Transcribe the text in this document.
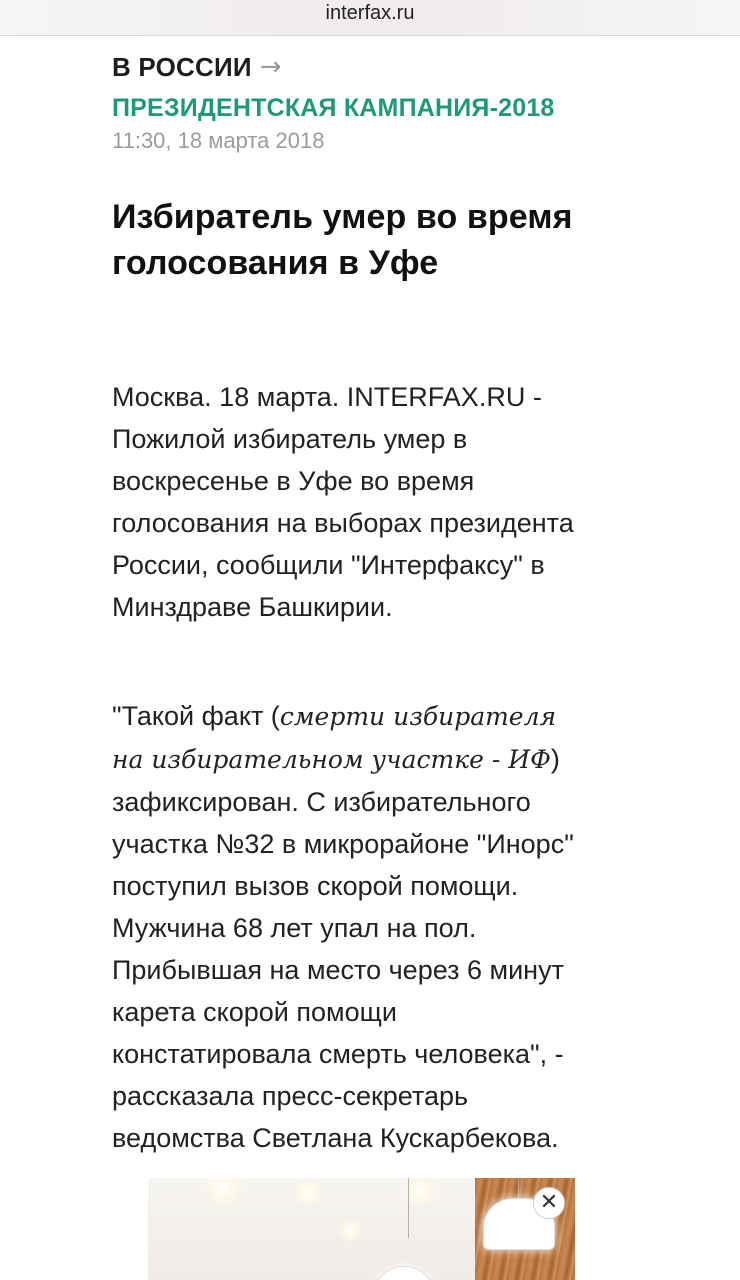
interfax.ru
В РОССИИ →
ПРЕЗИДЕНТСКАЯ КАМПАНИЯ-2018
11:30, 18 марта 2018
Избиратель умер во время голосования в Уфе

Москва. 18 марта. INTERFAX.RU - Пожилой избиратель умер в воскресенье в Уфе во время голосования на выборах президента России, сообщили "Интерфаксу" в Минздраве Башкирии.

"Такой факт (смерти избирателя на избирательном участке - ИФ) зафиксирован. С избирательного участка №32 в микрорайоне "Инорс" поступил вызов скорой помощи. Мужчина 68 лет упал на пол. Прибывшая на место через 6 минут карета скорой помощи констатировала смерть человека", - рассказала пресс-секретарь ведомства Светлана Кускарбекова.

✕
